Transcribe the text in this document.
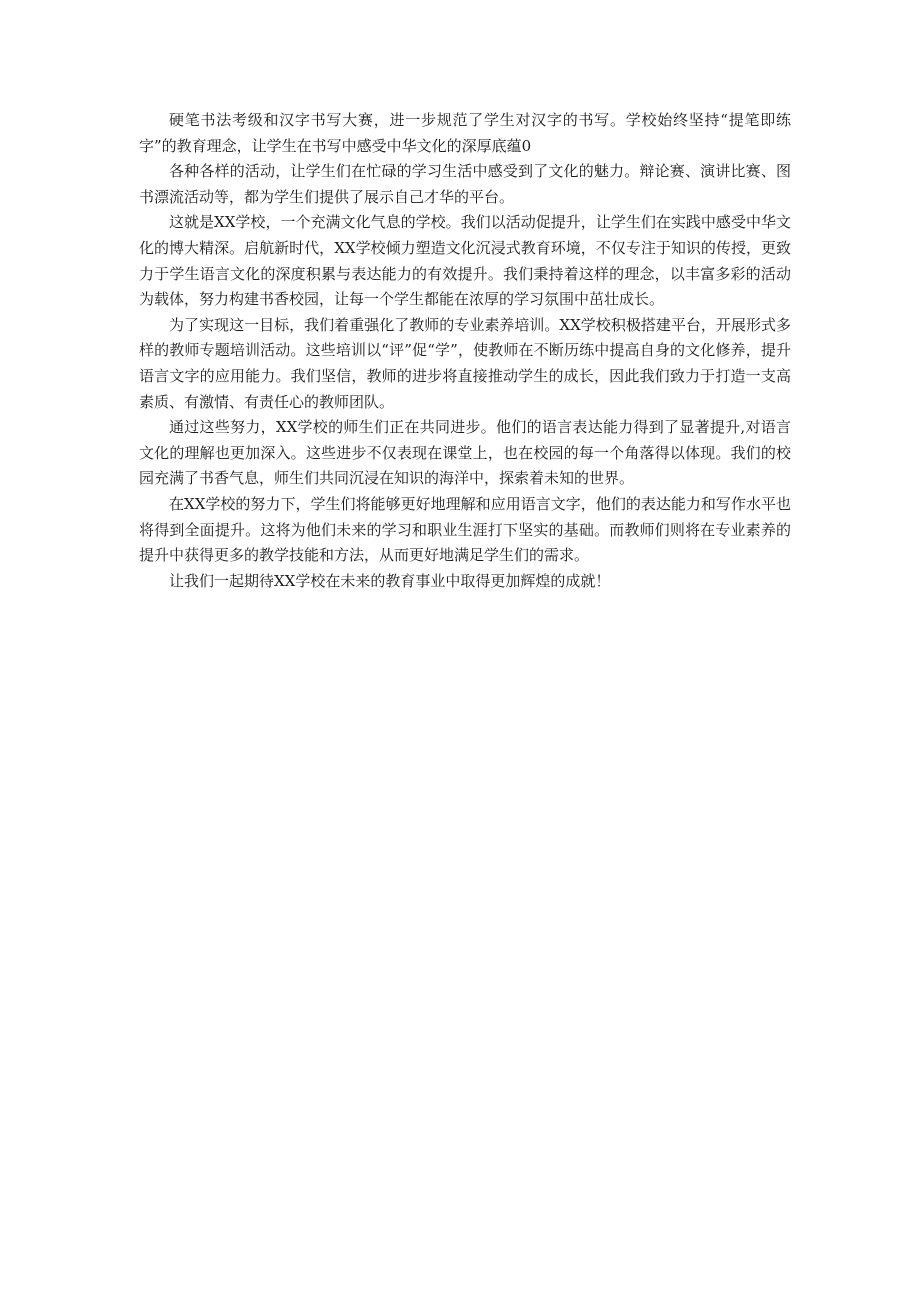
硬笔书法考级和汉字书写大赛，进一步规范了学生对汉字的书写。学校始终坚持“提笔即练字”的教育理念，让学生在书写中感受中华文化的深厚底蕴0

各种各样的活动，让学生们在忙碌的学习生活中感受到了文化的魅力。辩论赛、演讲比赛、图书漂流活动等，都为学生们提供了展示自己才华的平台。

这就是XX学校，一个充满文化气息的学校。我们以活动促提升，让学生们在实践中感受中华文化的博大精深。启航新时代，XX学校倾力塑造文化沉浸式教育环境，不仅专注于知识的传授，更致力于学生语言文化的深度积累与表达能力的有效提升。我们秉持着这样的理念，以丰富多彩的活动为载体，努力构建书香校园，让每一个学生都能在浓厚的学习氛围中茁壮成长。

为了实现这一目标，我们着重强化了教师的专业素养培训。XX学校积极搭建平台，开展形式多样的教师专题培训活动。这些培训以“评”促“学”，使教师在不断历练中提高自身的文化修养，提升语言文字的应用能力。我们坚信，教师的进步将直接推动学生的成长，因此我们致力于打造一支高素质、有激情、有责任心的教师团队。

通过这些努力，XX学校的师生们正在共同进步。他们的语言表达能力得到了显著提升,对语言文化的理解也更加深入。这些进步不仅表现在课堂上，也在校园的每一个角落得以体现。我们的校园充满了书香气息，师生们共同沉浸在知识的海洋中，探索着未知的世界。

在XX学校的努力下，学生们将能够更好地理解和应用语言文字，他们的表达能力和写作水平也将得到全面提升。这将为他们未来的学习和职业生涯打下坚实的基础。而教师们则将在专业素养的提升中获得更多的教学技能和方法，从而更好地满足学生们的需求。

让我们一起期待XX学校在未来的教育事业中取得更加辉煌的成就！
